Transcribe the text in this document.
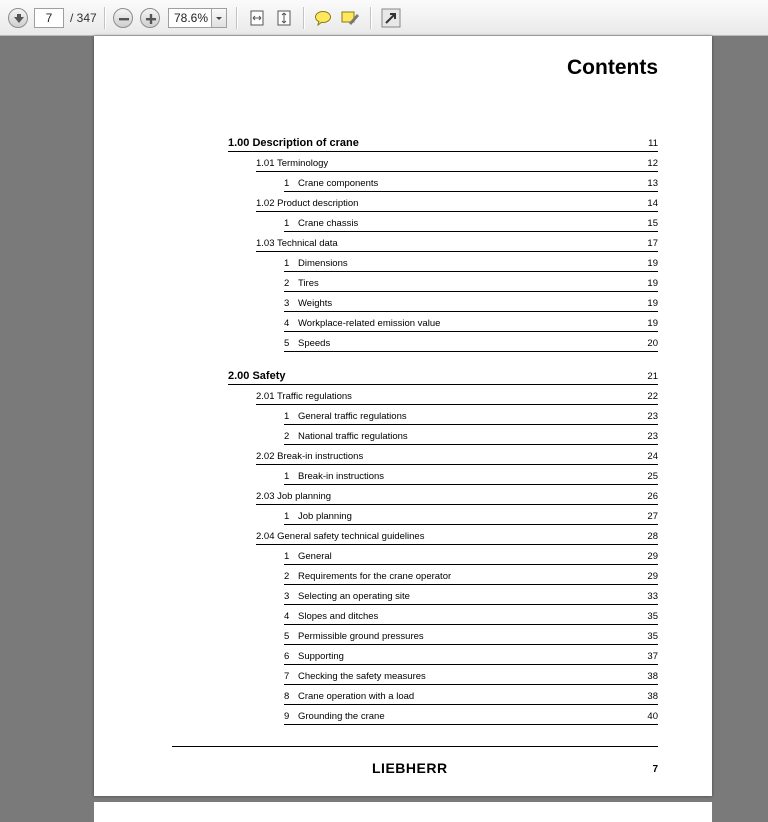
7
/ 347	78.6%
Contents
1.00 Description of crane	11
1.01 Terminology	12
1 Crane components	13
1.02 Product description	14
1 Crane chassis	15
1.03 Technical data	17
1 Dimensions	19
2 Tires	19
3 Weights	19
4 Workplace-related emission value	19
5 Speeds	20
2.00 Safety	21
2.01 Traffic regulations	22
1 General traffic regulations	23
2 National traffic regulations	23
2.02 Break-in instructions	24
1 Break-in instructions	25
2.03 Job planning	26
1 Job planning	27
2.04 General safety technical guidelines	28
1 General	29
2 Requirements for the crane operator	29
3 Selecting an operating site	33
4 Slopes and ditches	35
5 Permissible ground pressures	35
6 Supporting	37
7 Checking the safety measures	38
8 Crane operation with a load	38
9 Grounding the crane	40
LIEBHERR	7
